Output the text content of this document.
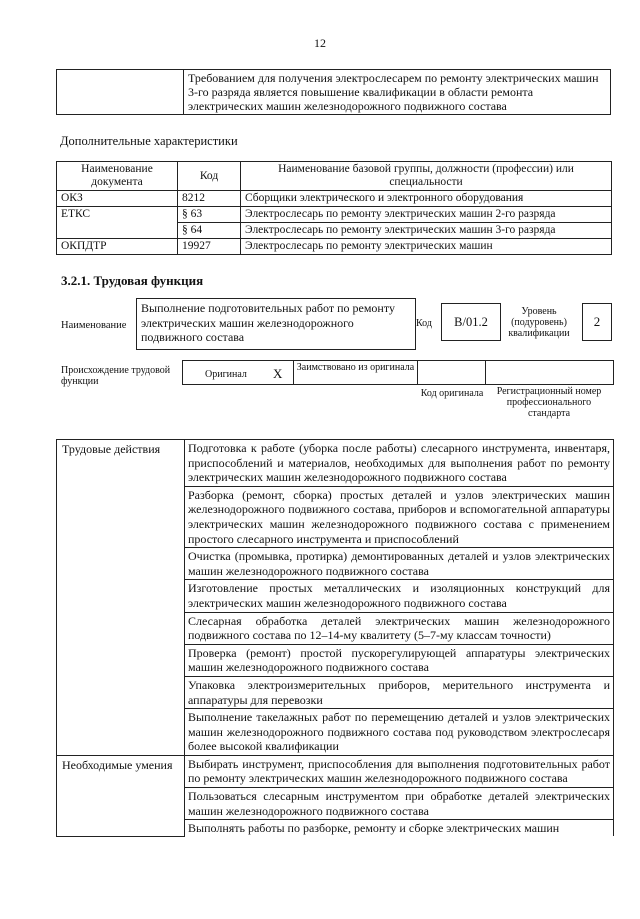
12
	Требованием для получения электрослесарем по ремонту электрических машин 3-го разряда является повышение квалификации в области ремонта электрических машин железнодорожного подвижного состава
Дополнительные характеристики
Наименование документа	Код	Наименование базовой группы, должности (профессии) или специальности
ОКЗ	8212	Сборщики электрического и электронного оборудования
ЕТКС	§ 63	Электрослесарь по ремонту электрических машин 2-го разряда
	§ 64	Электрослесарь по ремонту электрических машин 3-го разряда
ОКПДТР	19927	Электрослесарь по ремонту электрических машин
3.2.1. Трудовая функция
Наименование
Выполнение подготовительных работ по ремонту электрических машин железнодорожного подвижного состава
Код	В/01.2
Уровень (подуровень) квалификации
2
Происхождение трудовой функции
Оригинал X Заимствовано из оригинала
Код оригинала	Регистрационный номер профессионального стандарта
Трудовые действия	Подготовка к работе (уборка после работы) слесарного инструмента, инвентаря, приспособлений и материалов, необходимых для выполнения работ по ремонту электрических машин железнодорожного подвижного состава
	Разборка (ремонт, сборка) простых деталей и узлов электрических машин железнодорожного подвижного состава, приборов и вспомогательной аппаратуры электрических машин железнодорожного подвижного состава с применением простого слесарного инструмента и приспособлений
	Очистка (промывка, протирка) демонтированных деталей и узлов электрических машин железнодорожного подвижного состава
	Изготовление простых металлических и изоляционных конструкций для электрических машин железнодорожного подвижного состава
	Слесарная обработка деталей электрических машин железнодорожного подвижного состава по 12–14-му квалитету (5–7-му классам точности)
	Проверка (ремонт) простой пускорегулирующей аппаратуры электрических машин железнодорожного подвижного состава
	Упаковка электроизмерительных приборов, мерительного инструмента и аппаратуры для перевозки
	Выполнение такелажных работ по перемещению деталей и узлов электрических машин железнодорожного подвижного состава под руководством электрослесаря более высокой квалификации
Необходимые умения	Выбирать инструмент, приспособления для выполнения подготовительных работ по ремонту электрических машин железнодорожного подвижного состава
	Пользоваться слесарным инструментом при обработке деталей электрических машин железнодорожного подвижного состава

	Выполнять работы по разборке, ремонту и сборке электрических машин
